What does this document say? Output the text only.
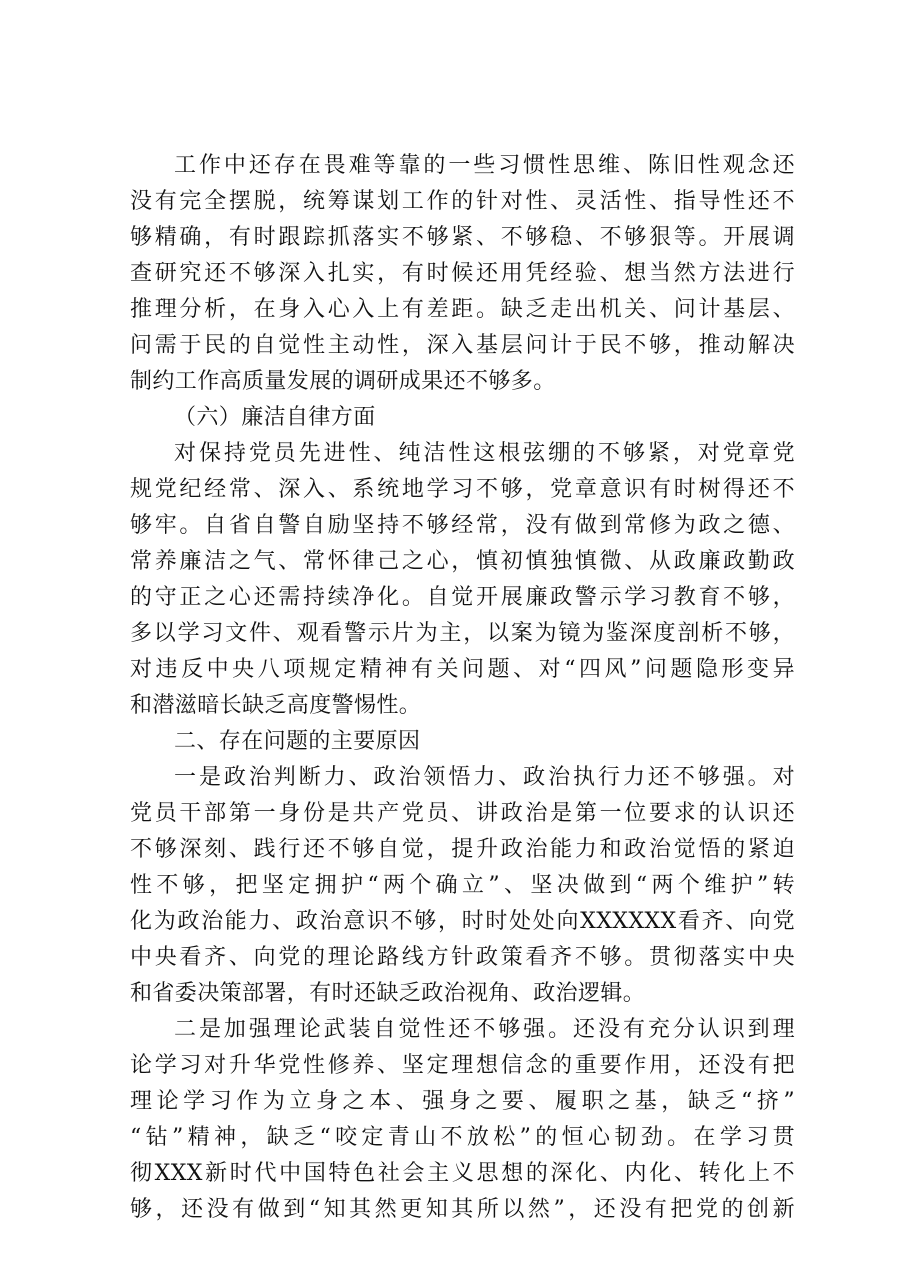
工作中还存在畏难等靠的一些习惯性思维、陈旧性观念还
没有完全摆脱，统筹谋划工作的针对性、灵活性、指导性还不
够精确，有时跟踪抓落实不够紧、不够稳、不够狠等。开展调
查研究还不够深入扎实，有时候还用凭经验、想当然方法进行
推理分析，在身入心入上有差距。缺乏走出机关、问计基层、
问需于民的自觉性主动性，深入基层问计于民不够，推动解决
制约工作高质量发展的调研成果还不够多。
（六）廉洁自律方面
对保持党员先进性、纯洁性这根弦绷的不够紧，对党章党
规党纪经常、深入、系统地学习不够，党章意识有时树得还不
够牢。自省自警自励坚持不够经常，没有做到常修为政之德、
常养廉洁之气、常怀律己之心，慎初慎独慎微、从政廉政勤政
的守正之心还需持续净化。自觉开展廉政警示学习教育不够，
多以学习文件、观看警示片为主，以案为镜为鉴深度剖析不够，
对违反中央八项规定精神有关问题、对“四风”问题隐形变异
和潜滋暗长缺乏高度警惕性。
二、存在问题的主要原因
一是政治判断力、政治领悟力、政治执行力还不够强。对
党员干部第一身份是共产党员、讲政治是第一位要求的认识还
不够深刻、践行还不够自觉，提升政治能力和政治觉悟的紧迫
性不够，把坚定拥护“两个确立”、坚决做到“两个维护”转
化为政治能力、政治意识不够，时时处处向XXXXXX看齐、向党
中央看齐、向党的理论路线方针政策看齐不够。贯彻落实中央
和省委决策部署，有时还缺乏政治视角、政治逻辑。
二是加强理论武装自觉性还不够强。还没有充分认识到理
论学习对升华党性修养、坚定理想信念的重要作用，还没有把
理论学习作为立身之本、强身之要、履职之基，缺乏“挤”
“钻”精神，缺乏“咬定青山不放松”的恒心韧劲。在学习贯
彻XXX新时代中国特色社会主义思想的深化、内化、转化上不
够，还没有做到“知其然更知其所以然”，还没有把党的创新
